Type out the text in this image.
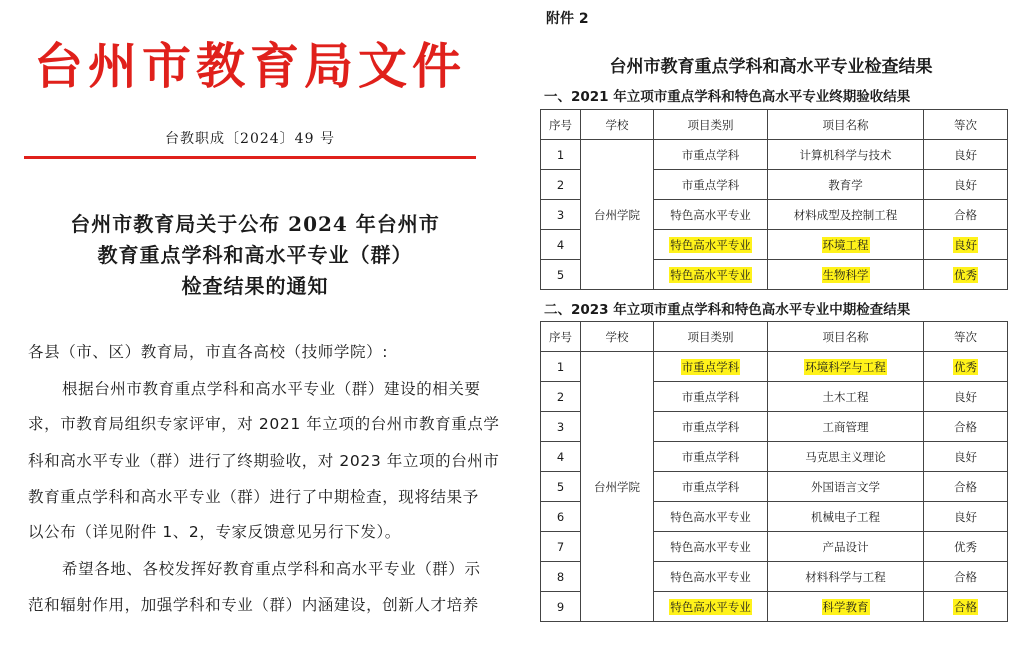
台州市教育局文件
台教职成〔2024〕49 号
台州市教育局关于公布 2024 年台州市
教育重点学科和高水平专业（群）
检查结果的通知
各县（市、区）教育局，市直各高校（技师学院）:
根据台州市教育重点学科和高水平专业（群）建设的相关要
求，市教育局组织专家评审，对 2021 年立项的台州市教育重点学
科和高水平专业（群）进行了终期验收，对 2023 年立项的台州市
教育重点学科和高水平专业（群）进行了中期检查，现将结果予
以公布（详见附件 1、2，专家反馈意见另行下发）。
希望各地、各校发挥好教育重点学科和高水平专业（群）示
范和辐射作用，加强学科和专业（群）内涵建设，创新人才培养
附件 2
台州市教育重点学科和高水平专业检查结果
一、2021 年立项市重点学科和特色高水平专业终期验收结果
序号	学校	项目类别	项目名称	等次
1	台州学院	市重点学科	计算机科学与技术	良好
2		市重点学科	教育学	良好
3		特色高水平专业	材料成型及控制工程	合格
4		特色高水平专业	环境工程	良好
5		特色高水平专业	生物科学	优秀
二、2023 年立项市重点学科和特色高水平专业中期检查结果
序号	学校	项目类别	项目名称	等次
1	台州学院	市重点学科	环境科学与工程	优秀
2		市重点学科	土木工程	良好
3		市重点学科	工商管理	合格
4		市重点学科	马克思主义理论	良好
5		市重点学科	外国语言文学	合格
6		特色高水平专业	机械电子工程	良好
7		特色高水平专业	产品设计	优秀
8		特色高水平专业	材料科学与工程	合格
9		特色高水平专业	科学教育	合格
